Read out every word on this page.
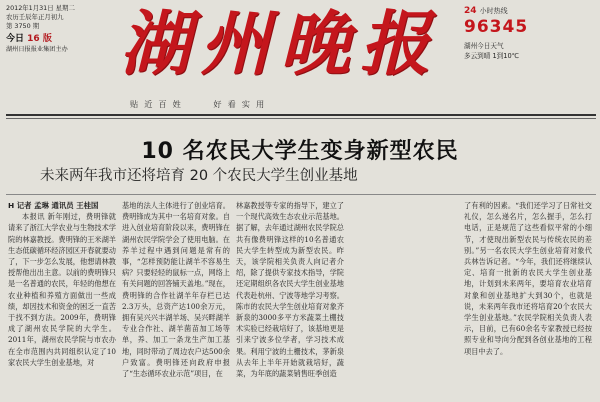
2012年1月31日 星期二
农历壬辰年正月初九
第 3750 期
今日 16 版
湖州日报报业集团主办 湖州晚报	24 小时热线
96345
湖州今日天气
多云到晴 1到10℃
贴近百姓	好看实用
10 名农民大学生变身新型农民
未来两年我市还将培育 20 个农民大学生创业基地

H 记者 孟琳 通讯员 王桂国

本报讯 新年刚过，费明锋就请来了浙江大学农业与生物技术学院的林嘉教授。费明锋的王米湖羊生态低碳循环经济园区开春就要动了，下一步怎么发展，他想请林教授帮他出出主意。以前的费明锋只是一名普通的农民，年轻的他想在农业种植和养殖方面做出一些成绩，却因技术和资金的困乏一直苦于找不到方法。2009年，费明锋成了湖州农民学院的大学生。2011年，湖州农民学院与市农办在全市范围内共同组织认定了10家农民大学生创业基地，对

基地的法人主体进行了创业培育。费明锋成为其中一名培育对象。自进入创业培育阶段以来，费明锋在湖州农民学院学会了使用电脑。在养羊过程中遇到问题是常有的事，“怎样预防能让湖羊不容易生病？只要轻轻的鼠标一点，网络上有关问题的回答铺天盖地。”现在，费明锋的合作社湖羊年存栏已达2.3万头，总资产达100余万元，拥有吴兴兴丰湖羊场、吴兴畔湖羊专业合作社、湖羊菌苗加工场等单，养、加工一条龙生产加工基地，同时带动了周边农户达500余户致富。费明锋还向政府申报了“生态循环农业示范”项目，在

林嘉教授等专家的指导下，建立了一个现代高效生态农业示范基地。据了解，去年通过湖州农民学院总共有像费明锋这样的10名普通农民大学生转型成为新型农民。昨天，该学院相关负责人向记者介绍，除了提供专家技术指导，学院还定期组织各农民大学生创业基地代表赴杭州、宁波等地学习考察。陈市的农民大学生创业培育对象齐新泉的3000多平方米蔬菜土棚技术实验已经栽培好了，该基地更是引来宁波多位学者，学习技术成果。利用宁波的土栅技术，茅新泉从去年上半年开始就栽培好，蔬菜，为年底的蔬菜销售旺季创造

了有利的因素。“我们还学习了日常社交礼仪，怎么递名片，怎么握手，怎么打电话，正是规范了这些看似平常的小细节，才使现出新型农民与传统农民的差别。”另一名农民大学生创业培育对象代兵林告诉记者。“今年，我们还将继续认定、培育一批新的农民大学生创业基地，计划到未来两年，要培育农业培育对象和创业基地扩大到30个，也就是说，未来两年我市还将培育20个农民大学生创业基地。”农民学院相关负责人表示，目前，已有60余名专家教授已经按照专业和导向分配到各创业基地的工程项目中去了。
